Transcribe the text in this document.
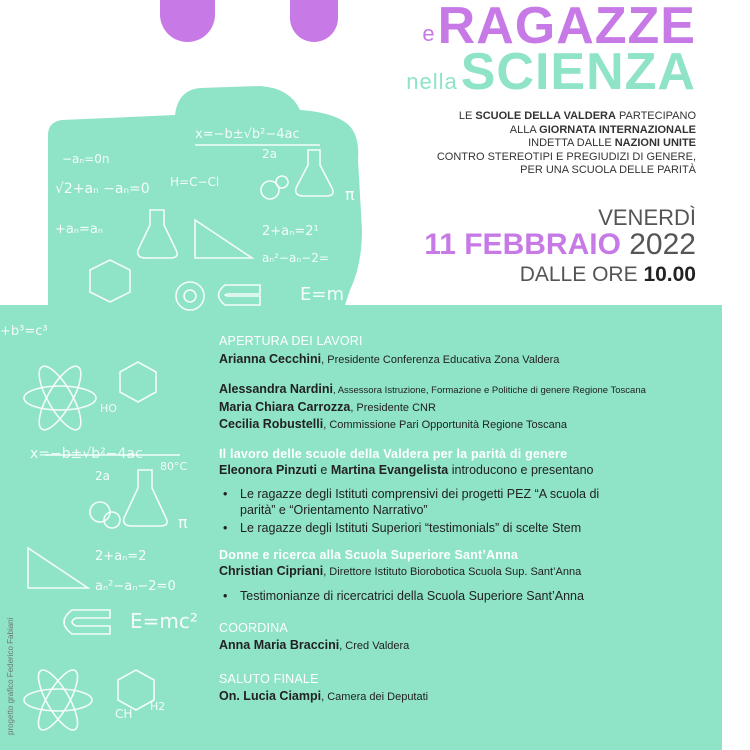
−aₙ=0n
√2+aₙ −aₙ=0
x=−b±√b²−4ac
2a
2+aₙ=2¹
aₙ²−aₙ−2=
E=m
+aₙ=aₙ
π
H=C−Cl
+b³=c³
x=−b±√b²−4ac
2a
2+aₙ=2
aₙ²−aₙ−2=0
E=mc²
80°C
π
HO
CH
H2
eRAGAZZE
nellaSCIENZA
LE SCUOLE DELLA VALDERA PARTECIPANO
ALLA GIORNATA INTERNAZIONALE
INDETTA DALLE NAZIONI UNITE
CONTRO STEREOTIPI E PREGIUDIZI DI GENERE,
PER UNA SCUOLA DELLE PARITÀ
VENERDÌ
11 FEBBRAIO 2022
DALLE ORE 10.00
APERTURA DEI LAVORI
Arianna Cecchini, Presidente Conferenza Educativa Zona Valdera
Alessandra Nardini, Assessora Istruzione, Formazione e Politiche di genere Regione Toscana
Maria Chiara Carrozza, Presidente CNR
Cecilia Robustelli, Commissione Pari Opportunità Regione Toscana
Il lavoro delle scuole della Valdera per la parità di genere
Eleonora Pinzuti e Martina Evangelista introducono e presentano
• Le ragazze degli Istituti comprensivi dei progetti PEZ “A scuola di
parità” e “Orientamento Narrativo”
• Le ragazze degli Istituti Superiori “testimonials” di scelte Stem
Donne e ricerca alla Scuola Superiore Sant’Anna
Christian Cipriani, Direttore Istituto Biorobotica Scuola Sup. Sant’Anna
• Testimonianze di ricercatrici della Scuola Superiore Sant’Anna
COORDINA
Anna Maria Braccini, Cred Valdera
SALUTO FINALE
On. Lucia Ciampi, Camera dei Deputati
progetto grafico Federico Fabiani
